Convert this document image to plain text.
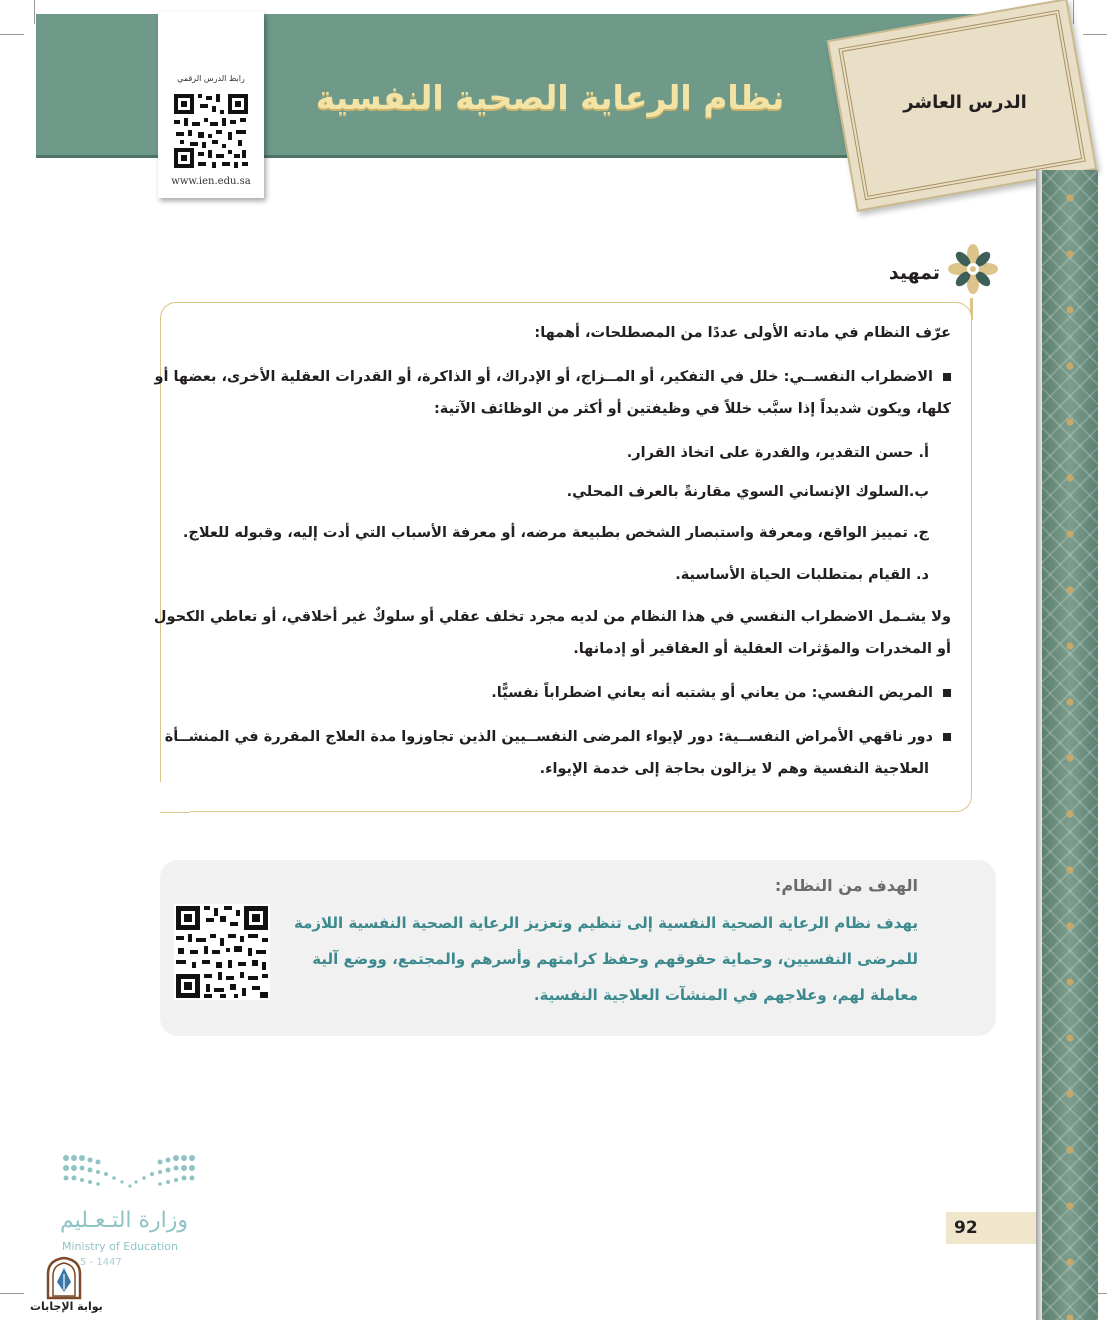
نظام الرعاية الصحية النفسية	الدرس العاشر
رابط الدرس الرقمي
www.ien.edu.sa
تمهيد
عرّف النظام في مادته الأولى عددًا من المصطلحات، أهمها:
الاضطراب النفســي: خلل في التفكير، أو المــزاج، أو الإدراك، أو الذاكرة، أو القدرات العقلية الأخرى، بعضها أو
كلها، ويكون شديداً إذا سبَّب خللاً في وظيفتين أو أكثر من الوظائف الآتية:
أ. حسن التقدير، والقدرة على اتخاذ القرار.
ب.السلوك الإنساني السوي مقارنةً بالعرف المحلي.
ج. تمييز الواقع، ومعرفة واستبصار الشخص بطبيعة مرضه، أو معرفة الأسباب التي أدت إليه، وقبوله للعلاج.
د. القيام بمتطلبات الحياة الأساسية.
ولا يشـمل الاضطراب النفسي في هذا النظام من لديه مجرد تخلف عقلي أو سلوكٌ غير أخلاقي، أو تعاطي الكحول
أو المخدرات والمؤثرات العقلية أو العقاقير أو إدمانها.
المريض النفسي: من يعاني أو يشتبه أنه يعاني اضطراباً نفسيًّا.
دور ناقهي الأمراض النفســية: دور لإيواء المرضى النفســيين الذين تجاوزوا مدة العلاج المقررة في المنشــأة
العلاجية النفسية وهم لا يزالون بحاجة إلى خدمة الإيواء.
الهدف من النظام:
يهدف نظام الرعاية الصحية النفسية إلى تنظيم وتعزيز الرعاية الصحية النفسية اللازمة
للمرضى النفسيين، وحماية حقوقهم وحفظ كرامتهم وأسرهم والمجتمع، ووضع آلية
معاملة لهم، وعلاجهم في المنشآت العلاجية النفسية.
وزارة التـعـليم
Ministry of Education
5 - 1447
بوابة الإجابات
92
